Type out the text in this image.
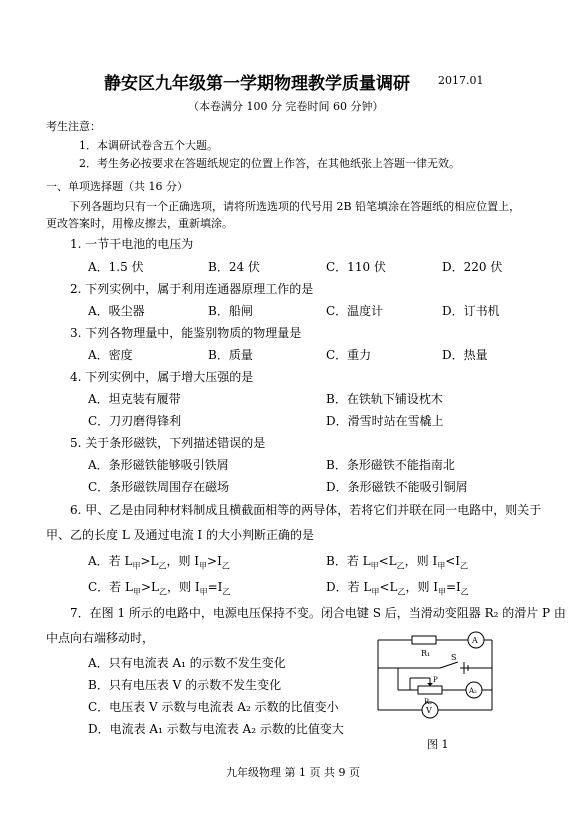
静安区九年级第一学期物理教学质量调研	2017.01
（本卷满分 100 分 完卷时间 60 分钟）
考生注意：
1．本调研试卷含五个大题。
2．考生务必按要求在答题纸规定的位置上作答，在其他纸张上答题一律无效。
一、单项选择题（共 16 分）
下列各题均只有一个正确选项，请将所选选项的代号用 2B 铅笔填涂在答题纸的相应位置上，
更改答案时，用橡皮擦去，重新填涂。
1. 一节干电池的电压为
A．1.5 伏	B．24 伏	C．110 伏	D．220 伏
2. 下列实例中，属于利用连通器原理工作的是
A．吸尘器	B．船闸	C．温度计	D．订书机
3. 下列各物理量中，能鉴别物质的物理量是
A．密度	B．质量	C．重力	D．热量
4. 下列实例中，属于增大压强的是
A．坦克装有履带	B．在铁轨下铺设枕木
C．刀刃磨得锋利	D．滑雪时站在雪橇上
5. 关于条形磁铁，下列描述错误的是
A．条形磁铁能够吸引铁屑	B．条形磁铁不能指南北
C．条形磁铁周围存在磁场	D．条形磁铁不能吸引铜屑
6. 甲、乙是由同种材料制成且横截面相等的两导体，若将它们并联在同一电路中，则关于
甲、乙的长度 L 及通过电流 I 的大小判断正确的是
A．若 $L_甲>L_乙$，则 $I_甲>I_乙$	B．若 $L_甲<L_乙$，则 $I_甲<I_乙$
C．若 $L_甲>L_乙$，则 $I_甲=I_乙$	D．若 $L_甲<L_乙$，则 $I_甲=I_乙$
7．在图 1 所示的电路中，电源电压保持不变。闭合电键 S 后，当滑动变阻器 R₂ 的滑片 P 由
中点向右端移动时，
A．只有电流表 A₁ 的示数不发生变化
B．只有电压表 V 的示数不发生变化
C．电压表 V 示数与电流表 A₂ 示数的比值变小
D．电流表 A₁ 示数与电流表 A₂ 示数的比值变大
R₁	S
A
A₂
V
R₂
P
图 1
九年级物理 第 1 页 共 9 页
